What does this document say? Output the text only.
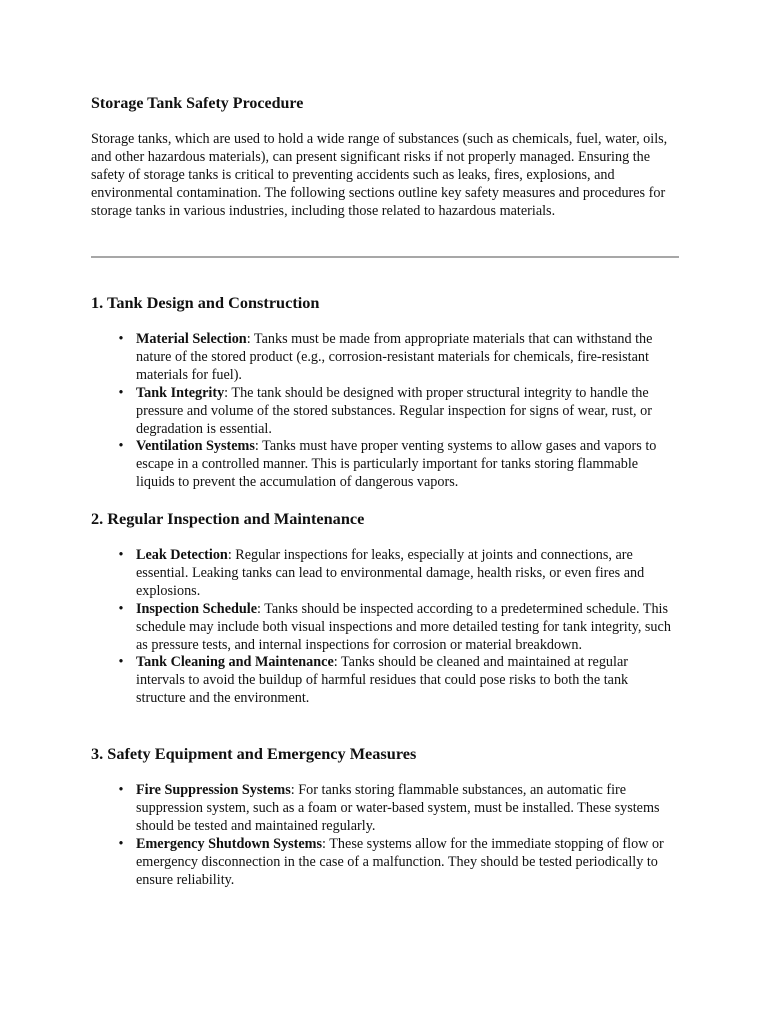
Storage Tank Safety Procedure

Storage tanks, which are used to hold a wide range of substances (such as chemicals, fuel, water, oils, and other hazardous materials), can present significant risks if not properly managed. Ensuring the safety of storage tanks is critical to preventing accidents such as leaks, fires, explosions, and environmental contamination. The following sections outline key safety measures and procedures for storage tanks in various industries, including those related to hazardous materials.

1. Tank Design and Construction
• Material Selection: Tanks must be made from appropriate materials that can withstand the nature of the stored product (e.g., corrosion-resistant materials for chemicals, fire-resistant materials for fuel).
• Tank Integrity: The tank should be designed with proper structural integrity to handle the pressure and volume of the stored substances. Regular inspection for signs of wear, rust, or degradation is essential.
• Ventilation Systems: Tanks must have proper venting systems to allow gases and vapors to escape in a controlled manner. This is particularly important for tanks storing flammable liquids to prevent the accumulation of dangerous vapors.
2. Regular Inspection and Maintenance
• Leak Detection: Regular inspections for leaks, especially at joints and connections, are essential. Leaking tanks can lead to environmental damage, health risks, or even fires and explosions.
• Inspection Schedule: Tanks should be inspected according to a predetermined schedule. This schedule may include both visual inspections and more detailed testing for tank integrity, such as pressure tests, and internal inspections for corrosion or material breakdown.
• Tank Cleaning and Maintenance: Tanks should be cleaned and maintained at regular intervals to avoid the buildup of harmful residues that could pose risks to both the tank structure and the environment.
3. Safety Equipment and Emergency Measures
• Fire Suppression Systems: For tanks storing flammable substances, an automatic fire suppression system, such as a foam or water-based system, must be installed. These systems should be tested and maintained regularly.
• Emergency Shutdown Systems: These systems allow for the immediate stopping of flow or emergency disconnection in the case of a malfunction. They should be tested periodically to ensure reliability.
